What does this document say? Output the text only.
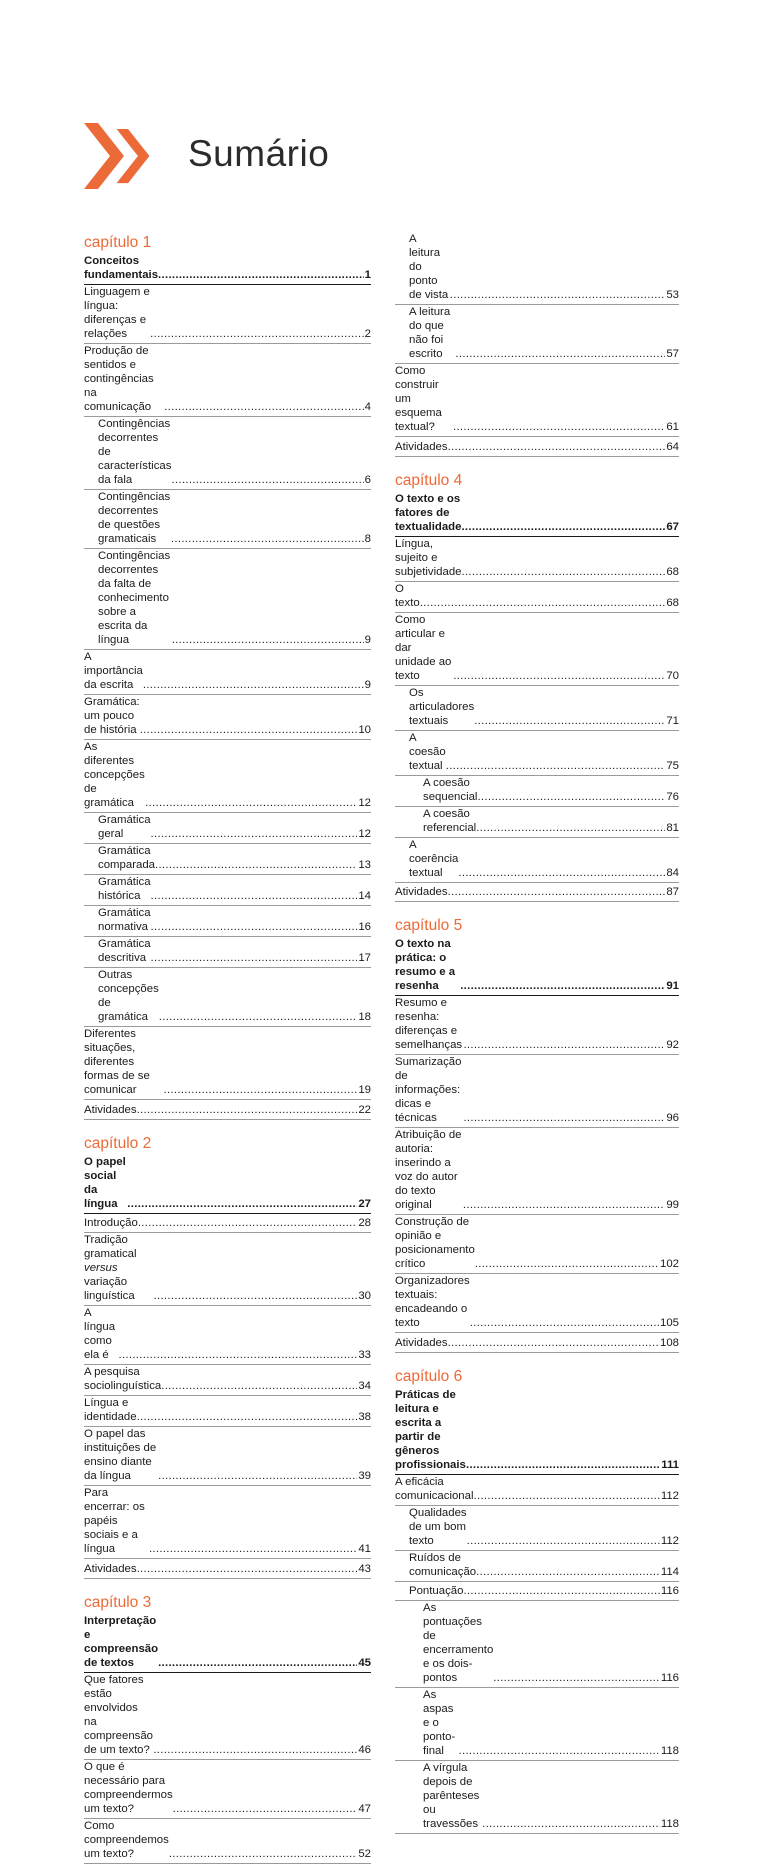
Sumário
capítulo 1
Conceitos fundamentais .....	1
Linguagem e língua: diferenças e relações .....	2
Produção de sentidos e contingências na comunicação .....	4
Contingências decorrentes de características da fala .....	6
Contingências decorrentes de questões gramaticais .....	8
Contingências decorrentes da falta de conhecimento
sobre a escrita da língua .....	9
A importância da escrita .....	9
Gramática: um pouco de história .....	10
As diferentes concepções de gramática .....	12
Gramática geral .....	12
Gramática comparada .....	13
Gramática histórica .....	14
Gramática normativa .....	16
Gramática descritiva .....	17
Outras concepções de gramática .....	18
Diferentes situações, diferentes formas de se comunicar .....	19
Atividades .....	22
capítulo 2
O papel social da língua .....	27
Introdução .....	28
Tradição gramatical versus variação linguística .....	30
A língua como ela é .....	33
A pesquisa sociolinguística .....	34
Língua e identidade .....	38
O papel das instituições de ensino diante da língua .....	39
Para encerrar: os papéis sociais e a língua .....	41
Atividades .....	43
capítulo 3
Interpretação e compreensão de textos .....	45
Que fatores estão envolvidos na compreensão
de um texto? .....	46
O que é necessário para compreendermos um texto? .....	47
Como compreendemos um texto? .....	52
A leitura do ponto de vista .....	53
A leitura do que não foi escrito .....	57
Como construir um esquema textual? .....	61
Atividades .....	64
capítulo 4
O texto e os fatores de textualidade .....	67
Língua, sujeito e subjetividade .....	68
O texto .....	68
Como articular e dar unidade ao texto .....	70
Os articuladores textuais .....	71
A coesão textual .....	75
A coesão sequencial .....	76
A coesão referencial .....	81
A coerência textual .....	84
Atividades .....	87
capítulo 5
O texto na prática: o resumo e a resenha .....	91
Resumo e resenha: diferenças e semelhanças .....	92
Sumarização de informações: dicas e técnicas .....	96
Atribuição de autoria: inserindo a voz do autor
do texto original .....	99
Construção de opinião e posicionamento crítico .....	102
Organizadores textuais: encadeando o texto .....	105
Atividades .....	108
capítulo 6
Práticas de leitura e escrita a partir de gêneros
profissionais .....	111
A eficácia comunicacional .....	112
Qualidades de um bom texto .....	112
Ruídos de comunicação .....	114
Pontuação .....	116
As pontuações de encerramento e os dois-pontos .....	116
As aspas e o ponto-final .....	118
A vírgula depois de parênteses ou travessões .....	118
